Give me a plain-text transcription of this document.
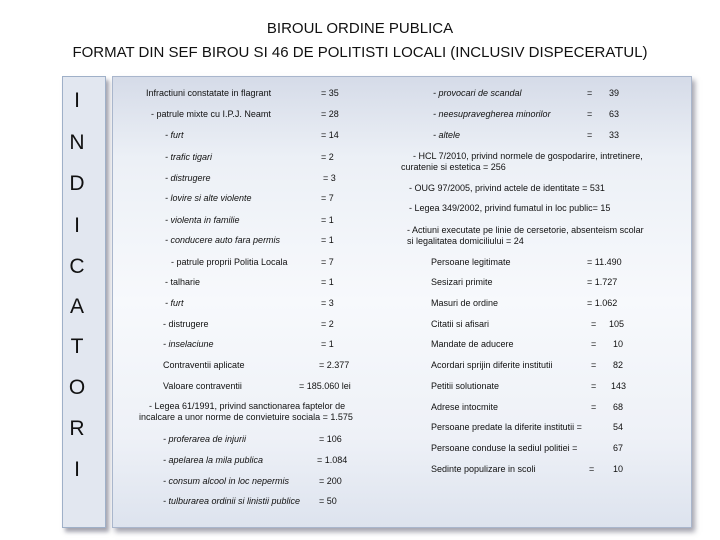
BIROUL ORDINE PUBLICA
FORMAT DIN SEF BIROU SI 46 DE POLITISTI LOCALI (INCLUSIV DISPECERATUL)
I
N
D
I
C
A
T
O
R
I
Infractiuni constatate in flagrant	= 35
- patrule mixte cu I.P.J. Neamt	= 28
- furt	= 14
- trafic tigari	= 2
- distrugere	= 3
- lovire si alte violente	= 7
- violenta in familie	= 1
- conducere auto fara permis	= 1
- patrule proprii Politia Locala	= 7
- talharie	= 1
- furt	= 3
- distrugere	= 2
- inselaciune	= 1
Contraventii aplicate	= 2.377
Valoare contraventii	= 185.060 lei
- Legea 61/1991, privind sanctionarea faptelor de
incalcare a unor norme de convietuire sociala = 1.575
- proferarea de injurii	= 106
- apelarea la mila publica	= 1.084
- consum alcool in loc nepermis	= 200
- tulburarea ordinii si linistii publice = 50
- provocari de scandal	= 39
- neesupravegherea minorilor	= 63
- altele	= 33
- HCL 7/2010, privind normele de gospodarire, intretinere,
curatenie si estetica = 256
- OUG 97/2005, privind actele de identitate = 531
- Legea 349/2002, privind fumatul in loc public= 15
- Actiuni executate pe linie de cersetorie, absenteism scolar
si legalitatea domiciliului = 24
Persoane legitimate	= 11.490
Sesizari primite	= 1.727
Masuri de ordine	= 1.062
Citatii si afisari	= 105
Mandate de aducere	= 10
Acordari sprijin diferite institutii	= 82
Petitii solutionate	= 143
Adrese intocmite	= 68
Persoane predate la diferite institutii =	54
Persoane conduse la sediul politiei =	67
Sedinte populizare in scoli	= 10
